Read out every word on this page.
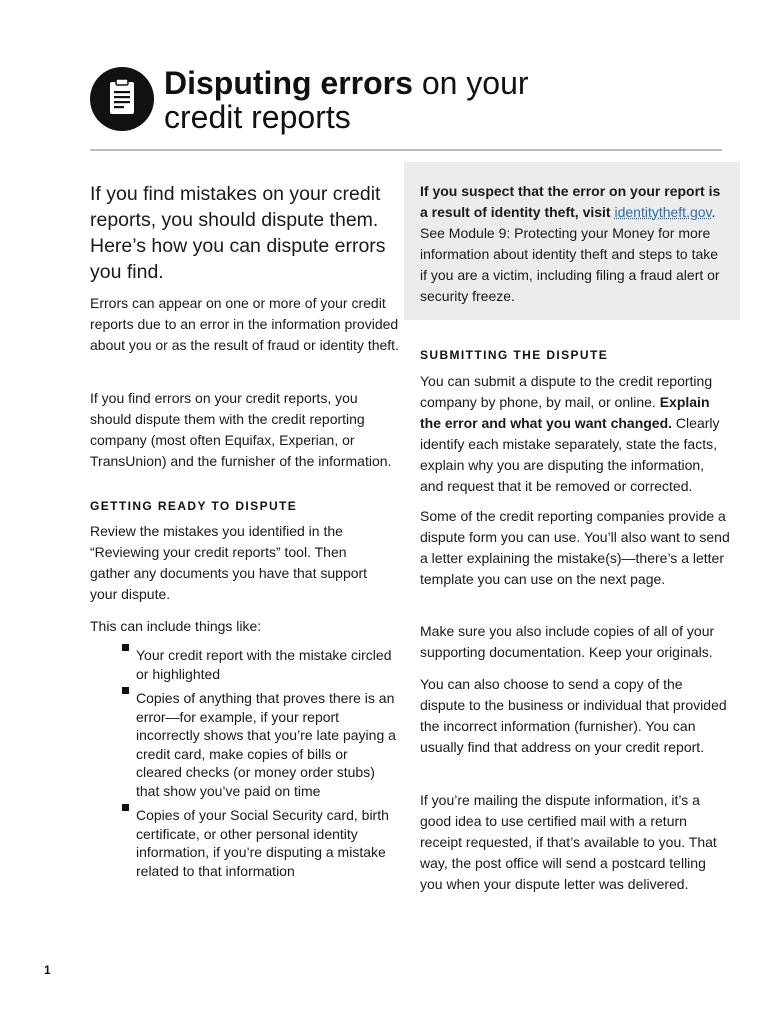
Disputing errors on your
credit reports
If you find mistakes on your credit reports, you should dispute them. Here’s how you can dispute errors you find.

Errors can appear on one or more of your credit reports due to an error in the information provided about you or as the result of fraud or identity theft.

If you find errors on your credit reports, you should dispute them with the credit reporting company (most often Equifax, Experian, or TransUnion) and the furnisher of the information.

GETTING READY TO DISPUTE

Review the mistakes you identified in the “Reviewing your credit reports” tool. Then gather any documents you have that support your dispute.

This can include things like:

Your credit report with the mistake circled or highlighted
Copies of anything that proves there is an error—for example, if your report incorrectly shows that you’re late paying a credit card, make copies of bills or cleared checks (or money order stubs) that show you’ve paid on time
Copies of your Social Security card, birth certificate, or other personal identity information, if you’re disputing a mistake related to that information
If you suspect that the error on your report is a result of identity theft, visit identitytheft.gov. See Module 9: Protecting your Money for more information about identity theft and steps to take if you are a victim, including filing a fraud alert or security freeze.
SUBMITTING THE DISPUTE

You can submit a dispute to the credit reporting company by phone, by mail, or online. Explain the error and what you want changed. Clearly identify each mistake separately, state the facts, explain why you are disputing the information, and request that it be removed or corrected.

Some of the credit reporting companies provide a dispute form you can use. You’ll also want to send a letter explaining the mistake(s)—there’s a letter template you can use on the next page.

Make sure you also include copies of all of your supporting documentation. Keep your originals.

You can also choose to send a copy of the dispute to the business or individual that provided the incorrect information (furnisher). You can usually find that address on your credit report.

If you’re mailing the dispute information, it’s a good idea to use certified mail with a return receipt requested, if that’s available to you. That way, the post office will send a postcard telling you when your dispute letter was delivered.

1
